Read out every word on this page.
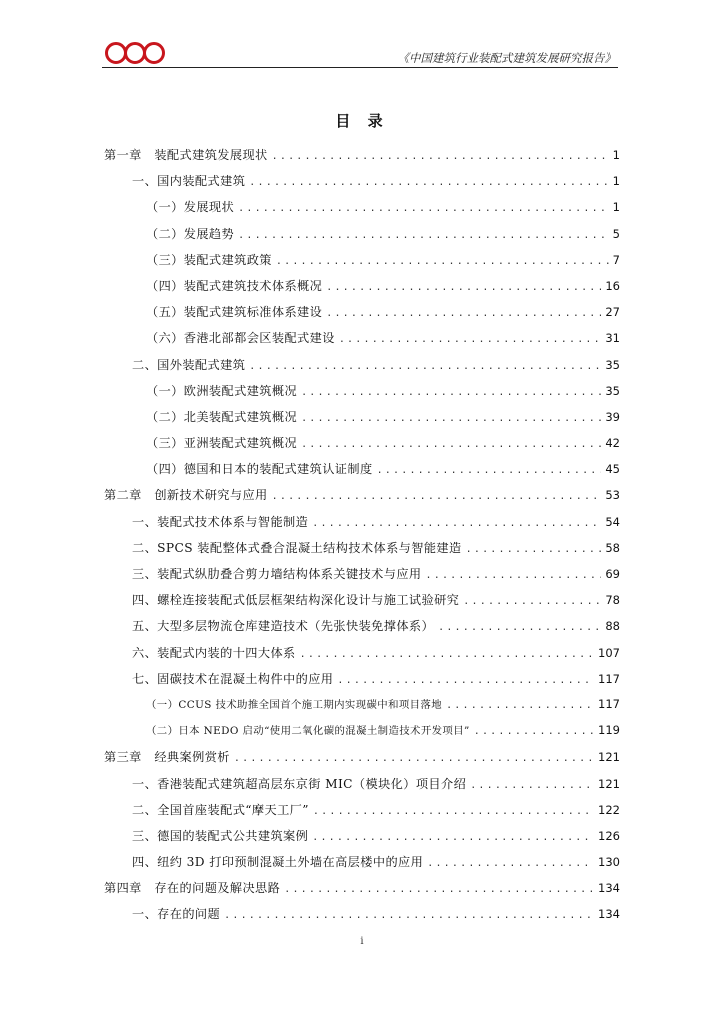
《中国建筑行业装配式建筑发展研究报告》
目 录
第一章　装配式建筑发展现状 .....	1
一、国内装配式建筑 .....	1
（一）发展现状 .....	1
（二）发展趋势 .....	5
（三）装配式建筑政策 .....	7
（四）装配式建筑技术体系概况 .....	16
（五）装配式建筑标准体系建设 .....	27
（六）香港北部都会区装配式建设 .....	31
二、国外装配式建筑 .....	35
（一）欧洲装配式建筑概况 .....	35
（二）北美装配式建筑概况 .....	39
（三）亚洲装配式建筑概况 .....	42
（四）德国和日本的装配式建筑认证制度 .....	45
第二章　创新技术研究与应用 .....	53
一、装配式技术体系与智能制造 .....	54
二、SPCS 装配整体式叠合混凝土结构技术体系与智能建造 .....	58
三、装配式纵肋叠合剪力墙结构体系关键技术与应用 .....	69
四、螺栓连接装配式低层框架结构深化设计与施工试验研究 .....	78
五、大型多层物流仓库建造技术（先张快装免撑体系） .....	88
六、装配式内装的十四大体系 .....	107
七、固碳技术在混凝土构件中的应用 .....	117
（一）CCUS 技术助推全国首个施工期内实现碳中和项目落地 .....	117
（二）日本 NEDO 启动“使用二氧化碳的混凝土制造技术开发项目” .....	119
第三章　经典案例赏析 .....	121
一、香港装配式建筑超高层东京街 MIC（模块化）项目介绍 .....	121
二、全国首座装配式“摩天工厂” .....	122
三、德国的装配式公共建筑案例 .....	126
四、纽约 3D 打印预制混凝土外墙在高层楼中的应用 .....	130
第四章　存在的问题及解决思路 .....	134
一、存在的问题 .....	134
i
